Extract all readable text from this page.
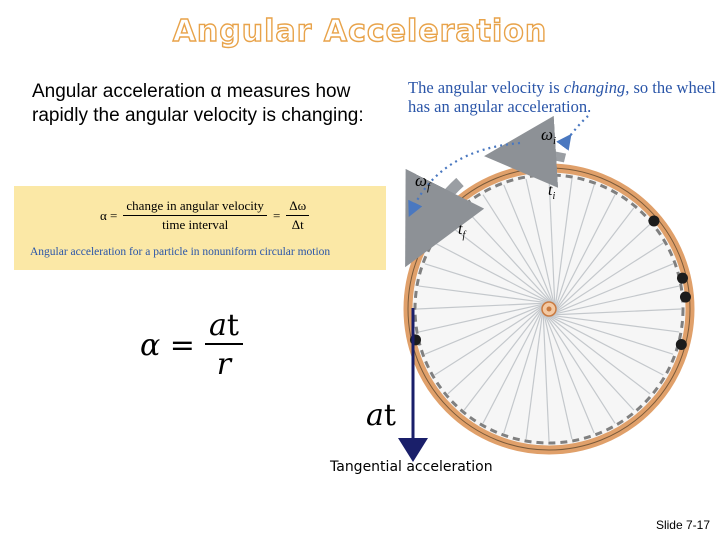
Angular Acceleration
Angular acceleration α measures how rapidly the angular velocity is changing:
$\alpha = \frac{\text{change in angular velocity}}{\text{time interval}} = \frac{\Delta\omega}{\Delta t}$
Angular acceleration for a particle in nonuniform circular motion
$\alpha = \frac{at}{r}$
The angular velocity is changing, so the wheel has an angular acceleration.
$\omega_i$
$\omega_f$	$t_i$
$t_f$
at
Tangential acceleration
Slide 7-17
